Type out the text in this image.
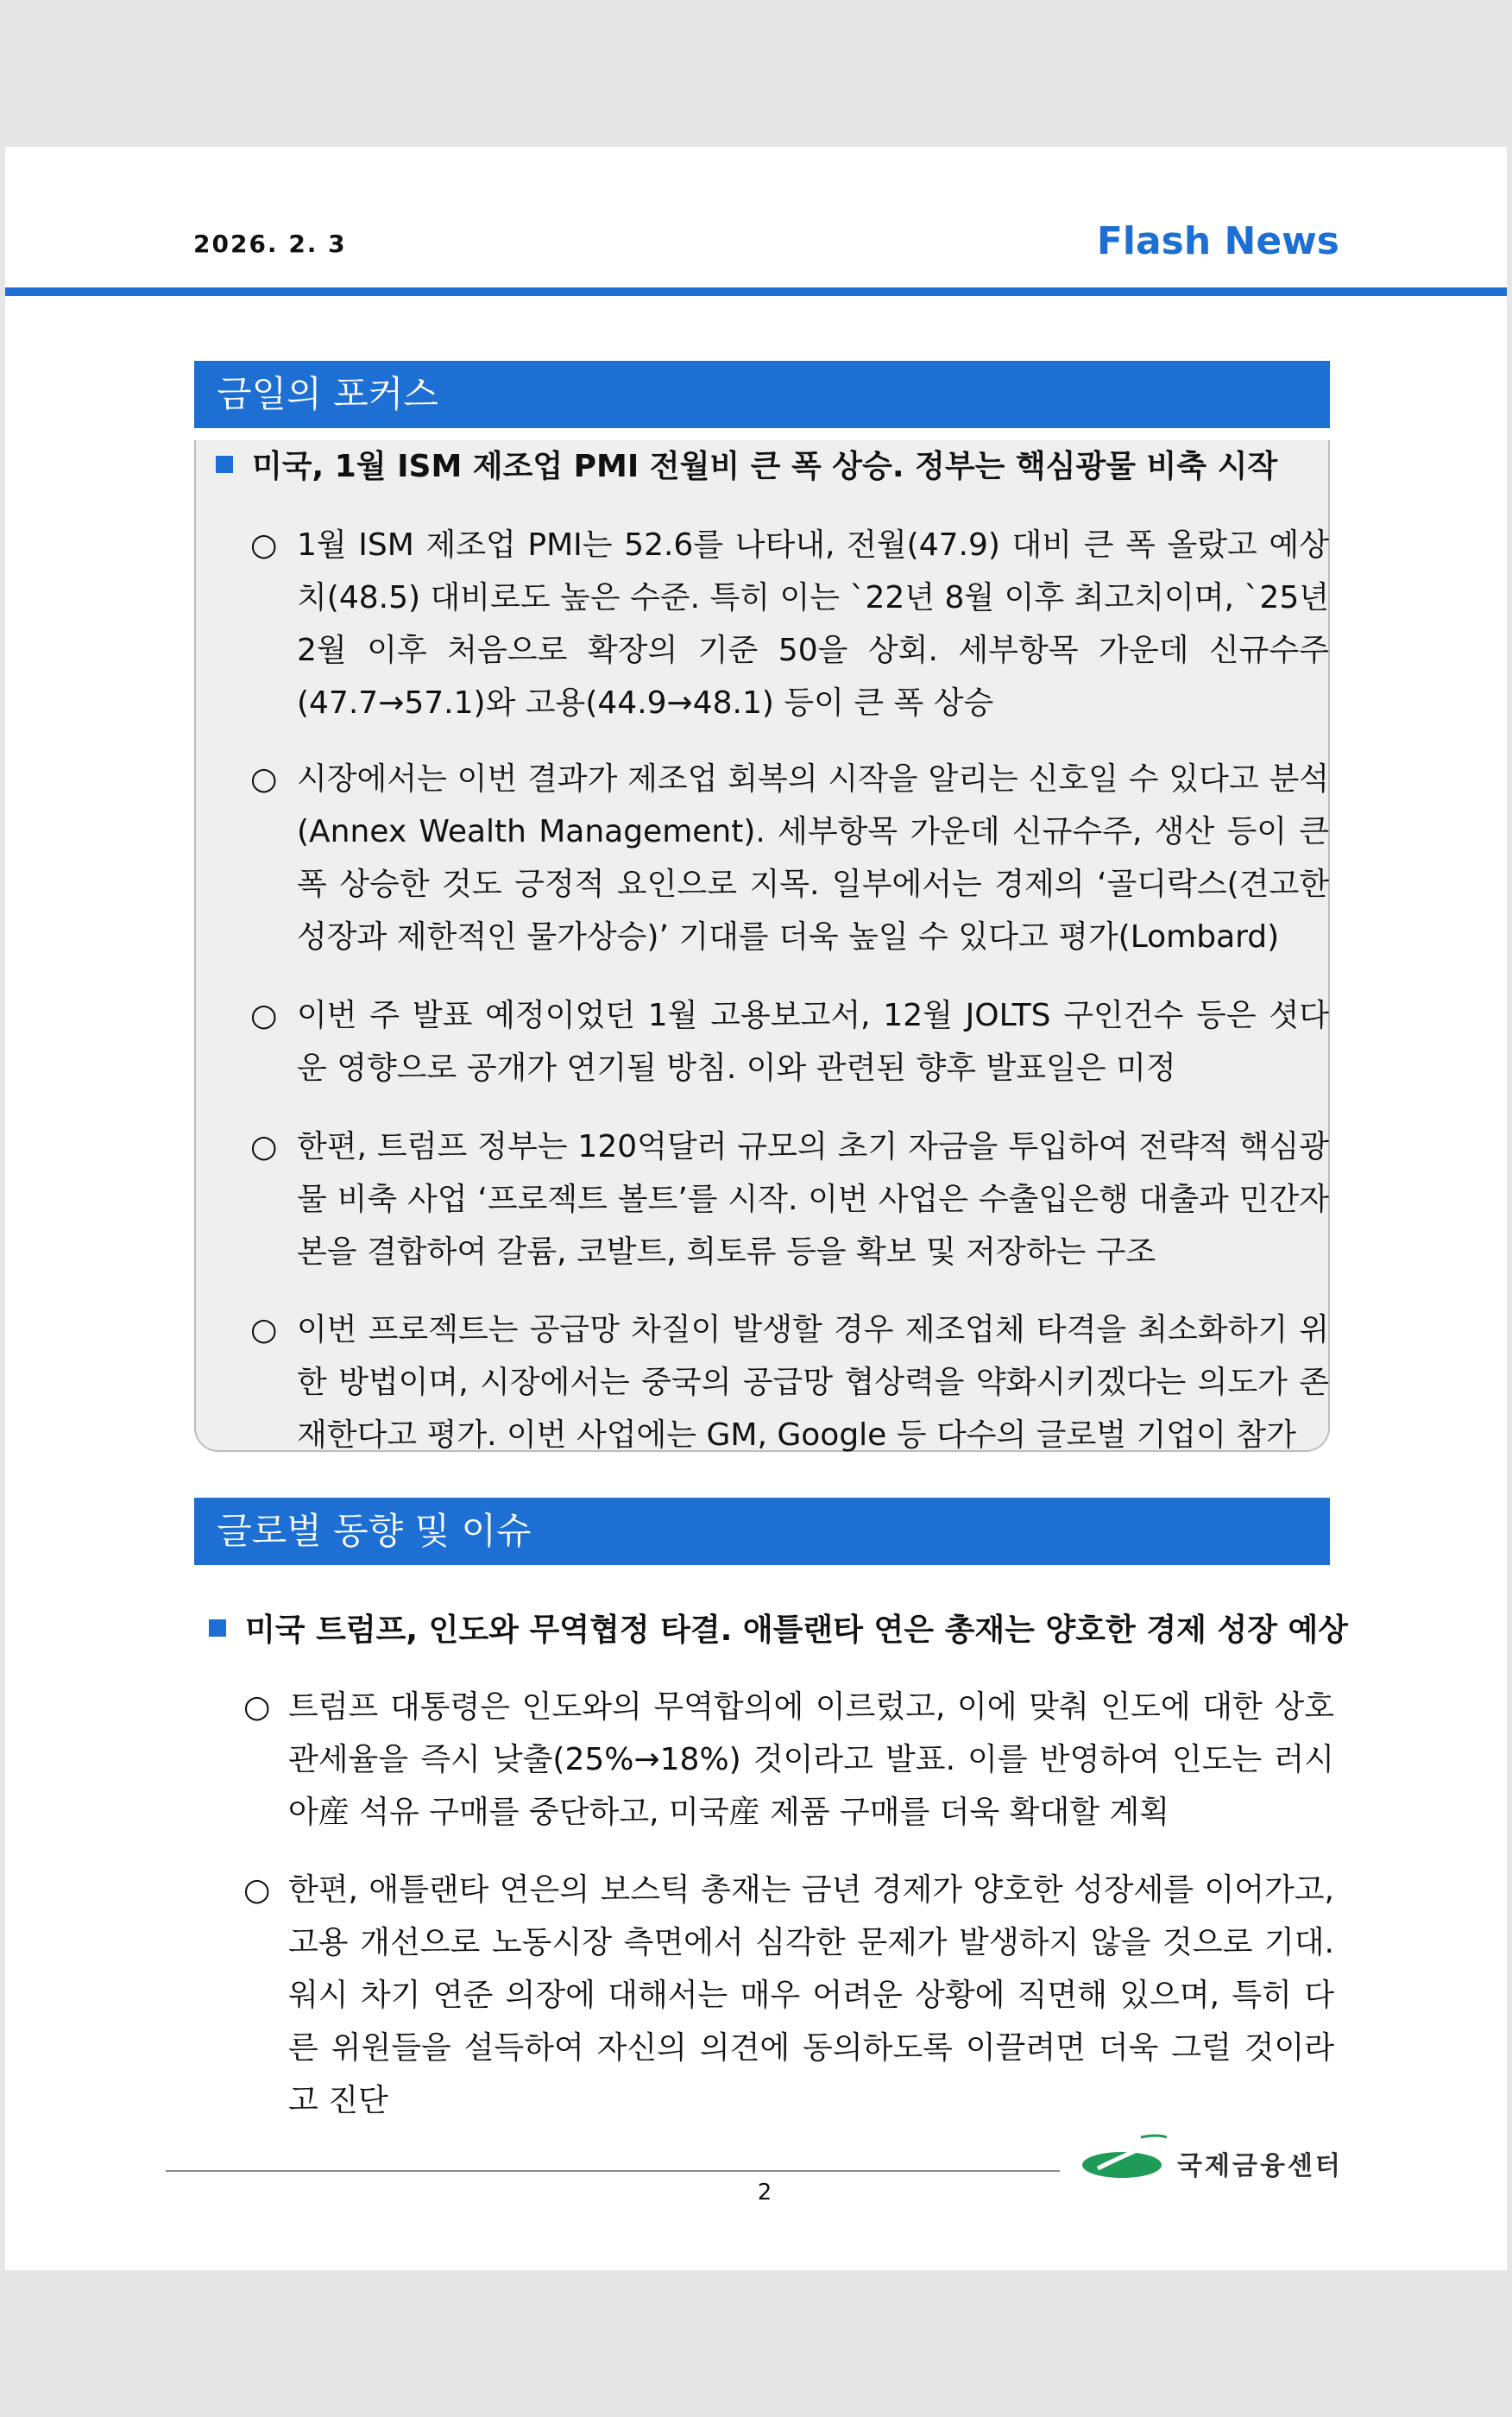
2026. 2. 3	Flash News
금일의 포커스
미국, 1월 ISM 제조업 PMI 전월비 큰 폭 상승. 정부는 핵심광물 비축 시작
○ 1월 ISM 제조업 PMI는 52.6를 나타내, 전월(47.9) 대비 큰 폭 올랐고 예상치(48.5) 대비로도 높은 수준. 특히 이는 `22년 8월 이후 최고치이며, `25년 2월 이후 처음으로 확장의 기준 50을 상회. 세부항목 가운데 신규수주(47.7→57.1)와 고용(44.9→48.1) 등이 큰 폭 상승
○ 시장에서는 이번 결과가 제조업 회복의 시작을 알리는 신호일 수 있다고 분석(Annex Wealth Management). 세부항목 가운데 신규수주, 생산 등이 큰 폭 상승한 것도 긍정적 요인으로 지목. 일부에서는 경제의 ‘골디락스(견고한 성장과 제한적인 물가상승)’ 기대를 더욱 높일 수 있다고 평가(Lombard)
○ 이번 주 발표 예정이었던 1월 고용보고서, 12월 JOLTS 구인건수 등은 셧다운 영향으로 공개가 연기될 방침. 이와 관련된 향후 발표일은 미정
○ 한편, 트럼프 정부는 120억달러 규모의 초기 자금을 투입하여 전략적 핵심광물 비축 사업 ‘프로젝트 볼트’를 시작. 이번 사업은 수출입은행 대출과 민간자본을 결합하여 갈륨, 코발트, 희토류 등을 확보 및 저장하는 구조
○ 이번 프로젝트는 공급망 차질이 발생할 경우 제조업체 타격을 최소화하기 위한 방법이며, 시장에서는 중국의 공급망 협상력을 약화시키겠다는 의도가 존재한다고 평가. 이번 사업에는 GM, Google 등 다수의 글로벌 기업이 참가
글로벌 동향 및 이슈
미국 트럼프, 인도와 무역협정 타결. 애틀랜타 연은 총재는 양호한 경제 성장 예상
○ 트럼프 대통령은 인도와의 무역합의에 이르렀고, 이에 맞춰 인도에 대한 상호관세율을 즉시 낮출(25%→18%) 것이라고 발표. 이를 반영하여 인도는 러시아産 석유 구매를 중단하고, 미국産 제품 구매를 더욱 확대할 계획
○ 한편, 애틀랜타 연은의 보스틱 총재는 금년 경제가 양호한 성장세를 이어가고, 고용 개선으로 노동시장 측면에서 심각한 문제가 발생하지 않을 것으로 기대. 워시 차기 연준 의장에 대해서는 매우 어려운 상황에 직면해 있으며, 특히 다른 위원들을 설득하여 자신의 의견에 동의하도록 이끌려면 더욱 그럴 것이라고 진단
2
국제금융센터
